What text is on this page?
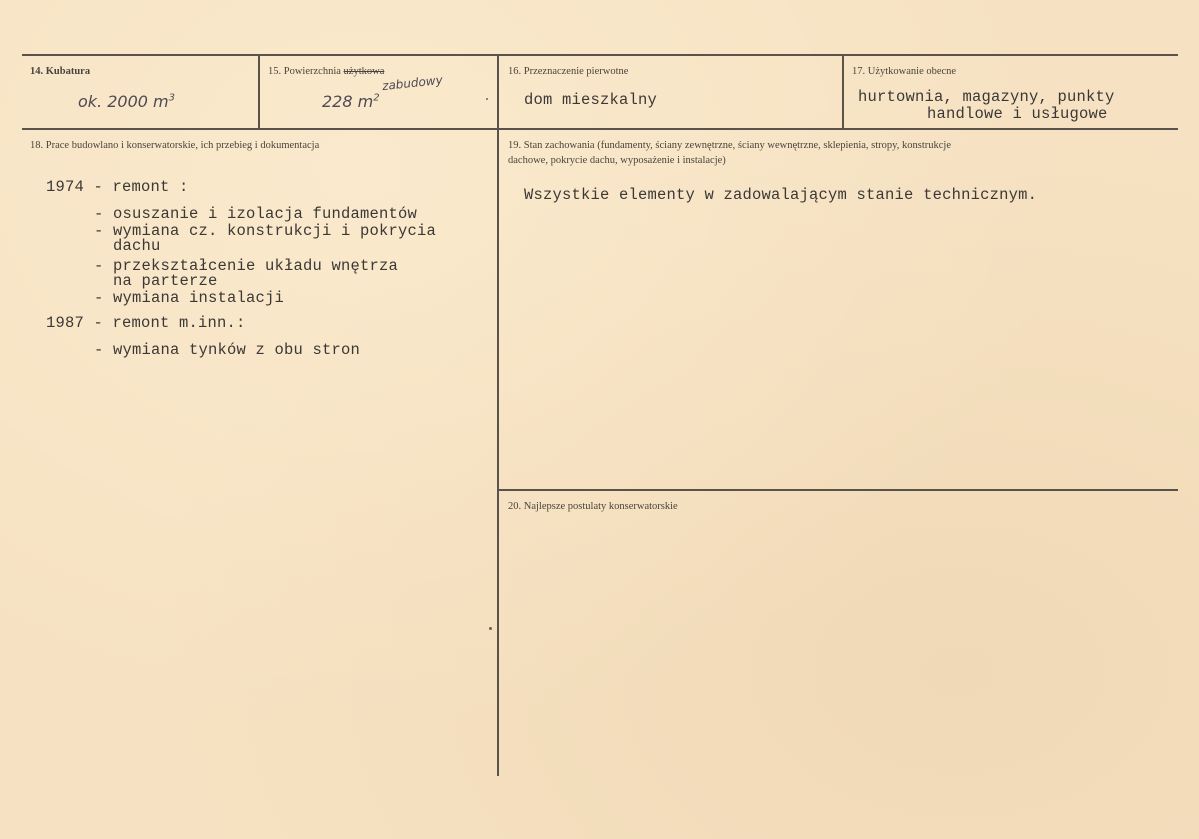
14. Kubatura
ok. 2000 $m^3$
15. Powierzchnia użytkowa
zabudowy
228 $m^2$
16. Przeznaczenie pierwotne
dom mieszkalny
17. Użytkowanie obecne
hurtownia, magazyny, punkty
handlowe i usługowe
18. Prace budowlano i konserwatorskie, ich przebieg i dokumentacja
1974 - remont :
- osuszanie i izolacja fundamentów
- wymiana cz. konstrukcji i pokrycia
dachu
- przekształcenie układu wnętrza
na parterze
- wymiana instalacji
1987 - remont m.inn.:
- wymiana tynków z obu stron
19. Stan zachowania (fundamenty, ściany zewnętrzne, ściany wewnętrzne, sklepienia, stropy, konstrukcje
dachowe, pokrycie dachu, wyposażenie i instalacje)
Wszystkie elementy w zadowalającym stanie technicznym.
20. Najlepsze postulaty konserwatorskie
